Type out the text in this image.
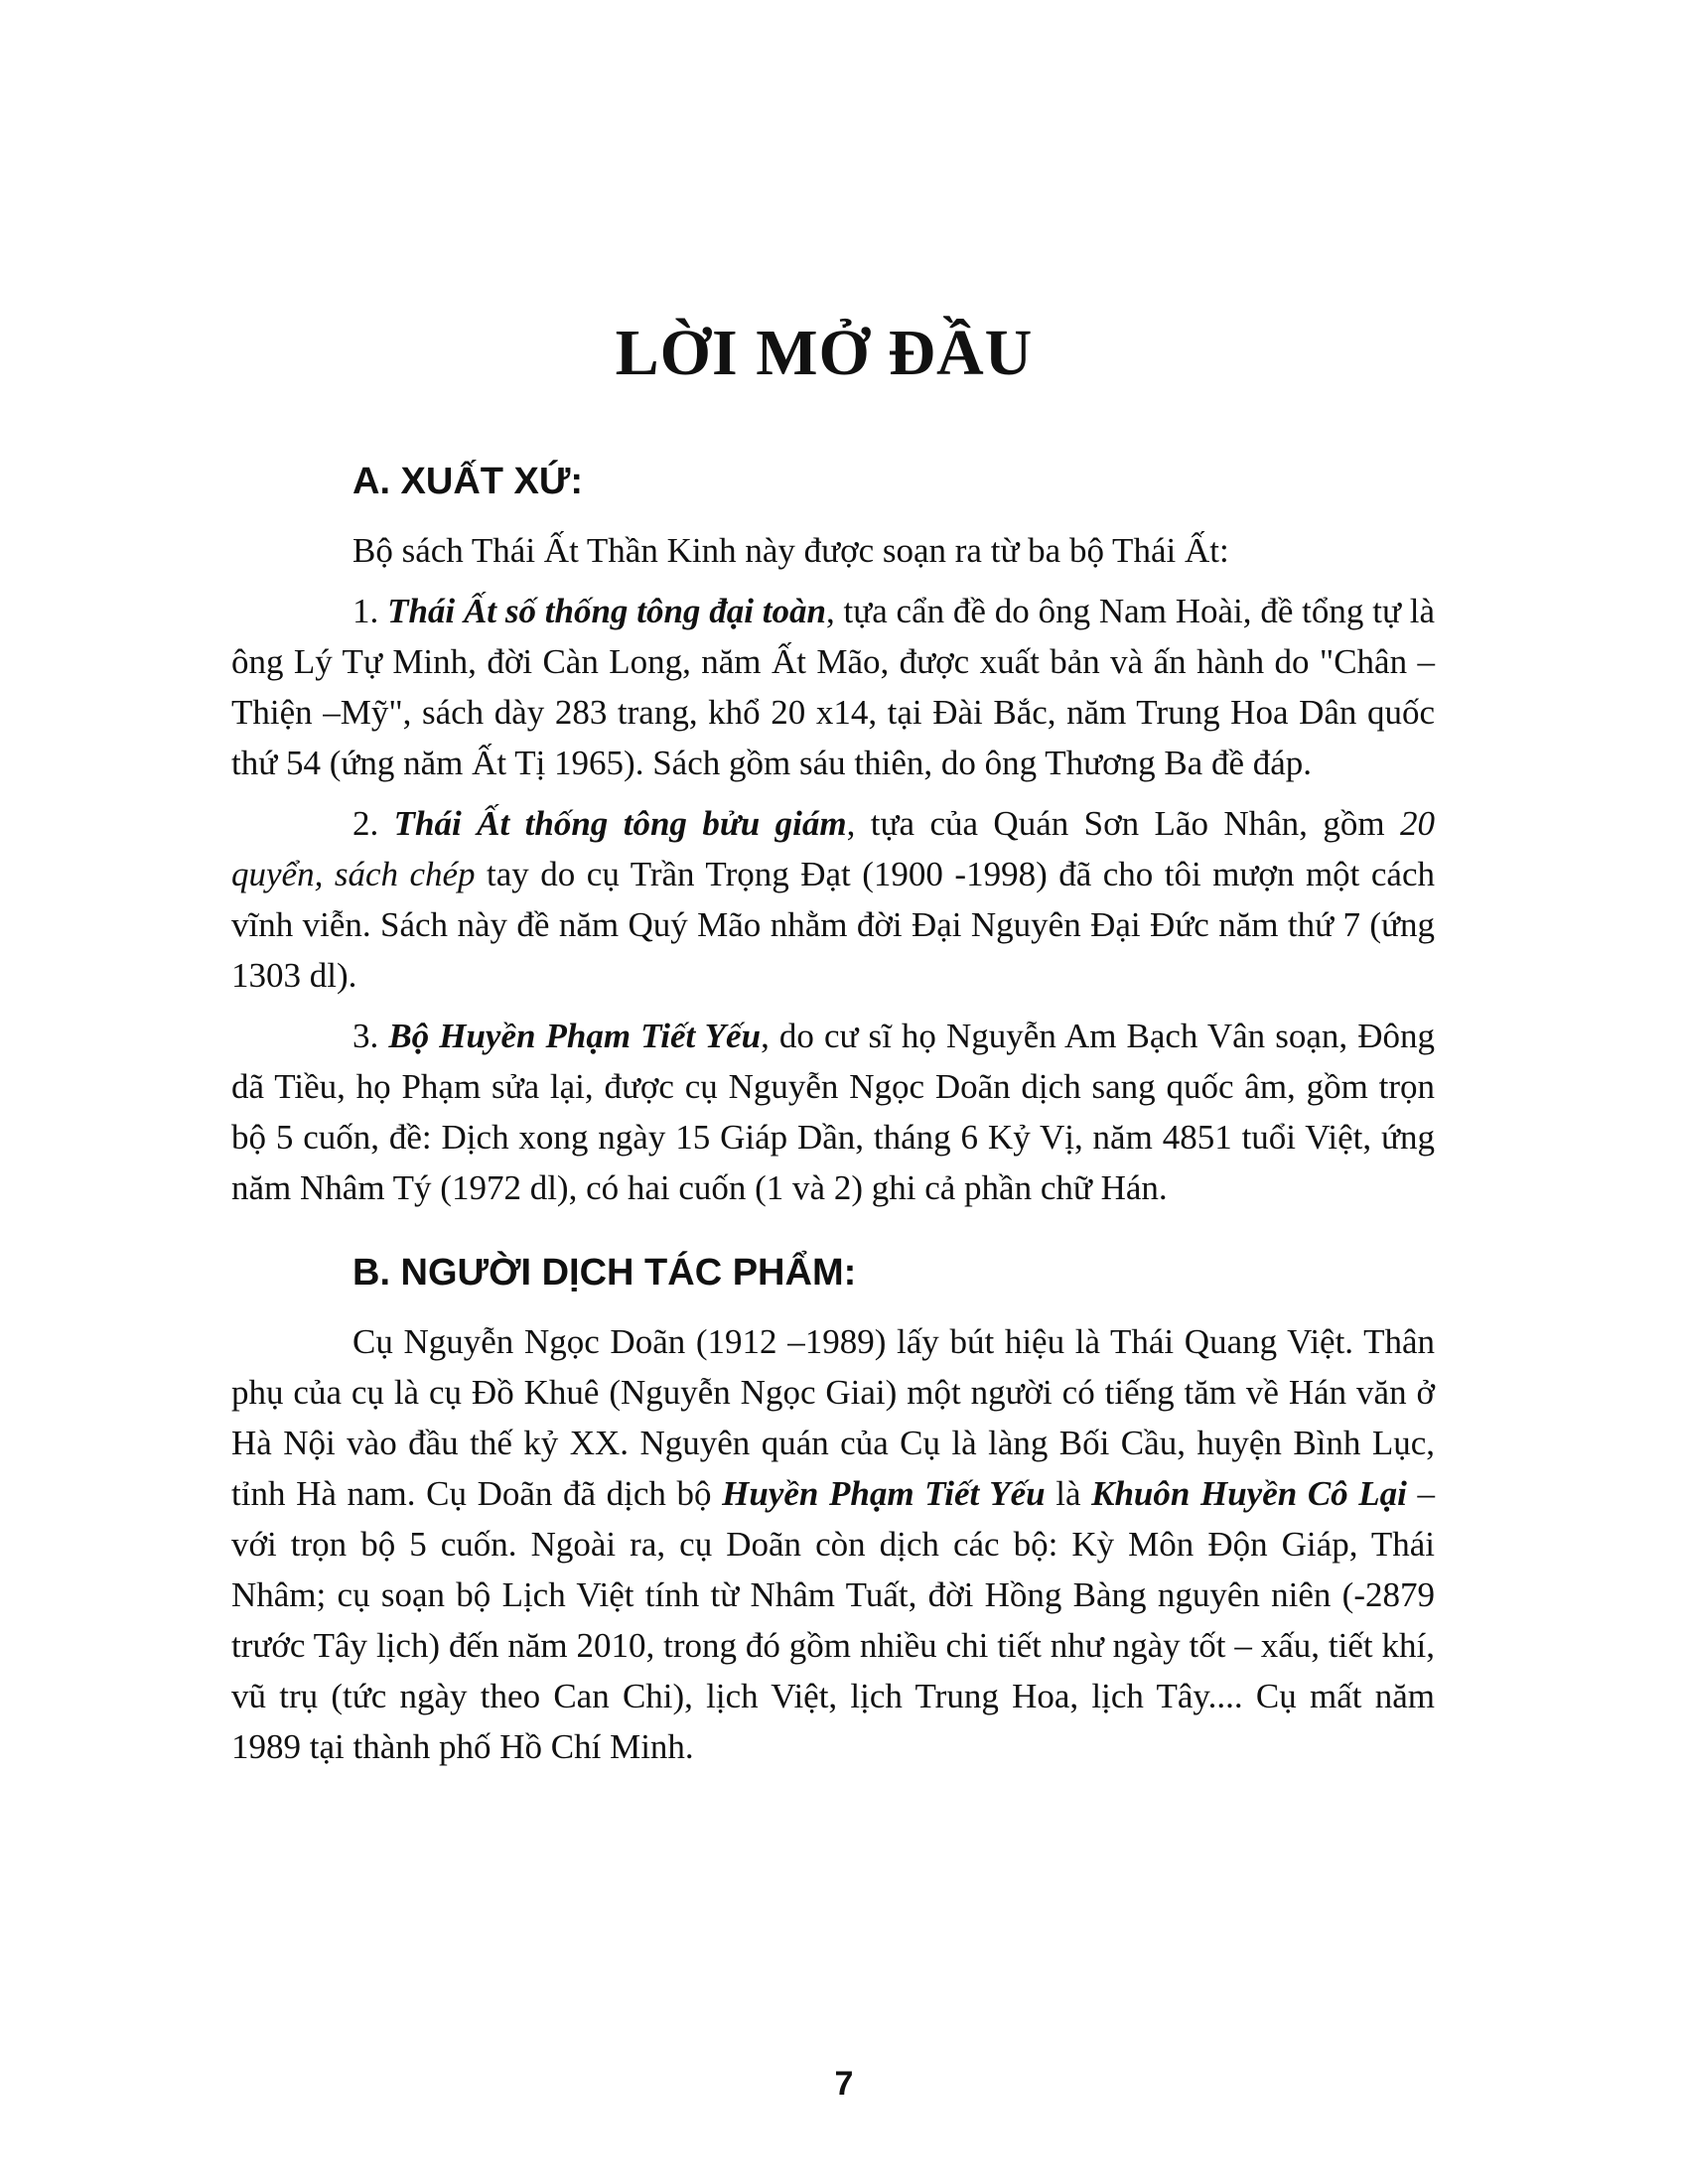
LỜI MỞ ĐẦU
A. XUẤT XỨ:

Bộ sách Thái Ất Thần Kinh này được soạn ra từ ba bộ Thái Ất:

1. Thái Ất số thống tông đại toàn, tựa cẩn đề do ông Nam Hoài, đề tổng tự là ông Lý Tự Minh, đời Càn Long, năm Ất Mão, được xuất bản và ấn hành do "Chân –Thiện –Mỹ", sách dày 283 trang, khổ 20 x14, tại Đài Bắc, năm Trung Hoa Dân quốc thứ 54 (ứng năm Ất Tị 1965). Sách gồm sáu thiên, do ông Thương Ba đề đáp.

2. Thái Ất thống tông bửu giám, tựa của Quán Sơn Lão Nhân, gồm 20 quyển, sách chép tay do cụ Trần Trọng Đạt (1900 -1998) đã cho tôi mượn một cách vĩnh viễn. Sách này đề năm Quý Mão nhằm đời Đại Nguyên Đại Đức năm thứ 7 (ứng 1303 dl).

3. Bộ Huyền Phạm Tiết Yếu, do cư sĩ họ Nguyễn Am Bạch Vân soạn, Đông dã Tiều, họ Phạm sửa lại, được cụ Nguyễn Ngọc Doãn dịch sang quốc âm, gồm trọn bộ 5 cuốn, đề: Dịch xong ngày 15 Giáp Dần, tháng 6 Kỷ Vị, năm 4851 tuổi Việt, ứng năm Nhâm Tý (1972 dl), có hai cuốn (1 và 2) ghi cả phần chữ Hán.

B. NGƯỜI DỊCH TÁC PHẨM:

Cụ Nguyễn Ngọc Doãn (1912 –1989) lấy bút hiệu là Thái Quang Việt. Thân phụ của cụ là cụ Đồ Khuê (Nguyễn Ngọc Giai) một người có tiếng tăm về Hán văn ở Hà Nội vào đầu thế kỷ XX. Nguyên quán của Cụ là làng Bối Cầu, huyện Bình Lục, tỉnh Hà nam. Cụ Doãn đã dịch bộ Huyền Phạm Tiết Yếu là Khuôn Huyền Cô Lại – với trọn bộ 5 cuốn. Ngoài ra, cụ Doãn còn dịch các bộ: Kỳ Môn Độn Giáp, Thái Nhâm; cụ soạn bộ Lịch Việt tính từ Nhâm Tuất, đời Hồng Bàng nguyên niên (-2879 trước Tây lịch) đến năm 2010, trong đó gồm nhiều chi tiết như ngày tốt – xấu, tiết khí, vũ trụ (tức ngày theo Can Chi), lịch Việt, lịch Trung Hoa, lịch Tây.... Cụ mất năm 1989 tại thành phố Hồ Chí Minh.

7
